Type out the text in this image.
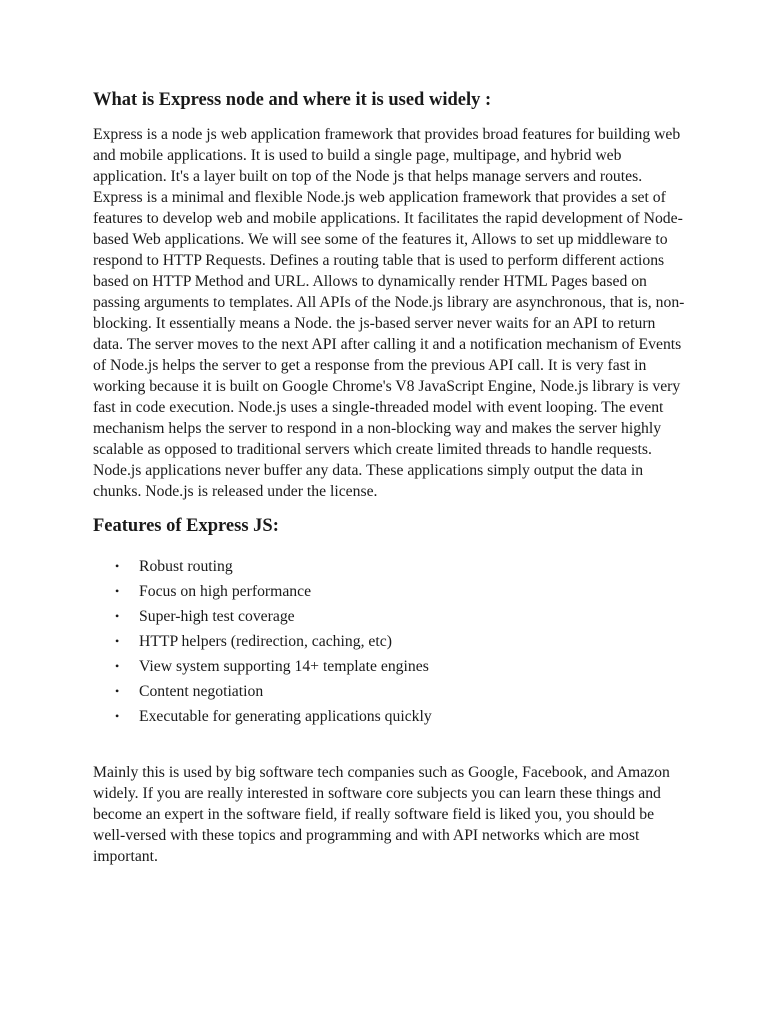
What is Express node and where it is used widely :

Express is a node js web application framework that provides broad features for building web and mobile applications. It is used to build a single page, multipage, and hybrid web application. It's a layer built on top of the Node js that helps manage servers and routes. Express is a minimal and flexible Node.js web application framework that provides a set of features to develop web and mobile applications. It facilitates the rapid development of Node-based Web applications. We will see some of the features it, Allows to set up middleware to respond to HTTP Requests. Defines a routing table that is used to perform different actions based on HTTP Method and URL. Allows to dynamically render HTML Pages based on passing arguments to templates. All APIs of the Node.js library are asynchronous, that is, non-blocking. It essentially means a Node. the js-based server never waits for an API to return data. The server moves to the next API after calling it and a notification mechanism of Events of Node.js helps the server to get a response from the previous API call. It is very fast in working because it is built on Google Chrome's V8 JavaScript Engine, Node.js library is very fast in code execution. Node.js uses a single-threaded model with event looping. The event mechanism helps the server to respond in a non-blocking way and makes the server highly scalable as opposed to traditional servers which create limited threads to handle requests. Node.js applications never buffer any data. These applications simply output the data in chunks. Node.js is released under the license.

Features of Express JS:
• Robust routing
• Focus on high performance
• Super-high test coverage
• HTTP helpers (redirection, caching, etc)
• View system supporting 14+ template engines
• Content negotiation
• Executable for generating applications quickly

Mainly this is used by big software tech companies such as Google, Facebook, and Amazon widely. If you are really interested in software core subjects you can learn these things and become an expert in the software field, if really software field is liked you, you should be well-versed with these topics and programming and with API networks which are most important.
